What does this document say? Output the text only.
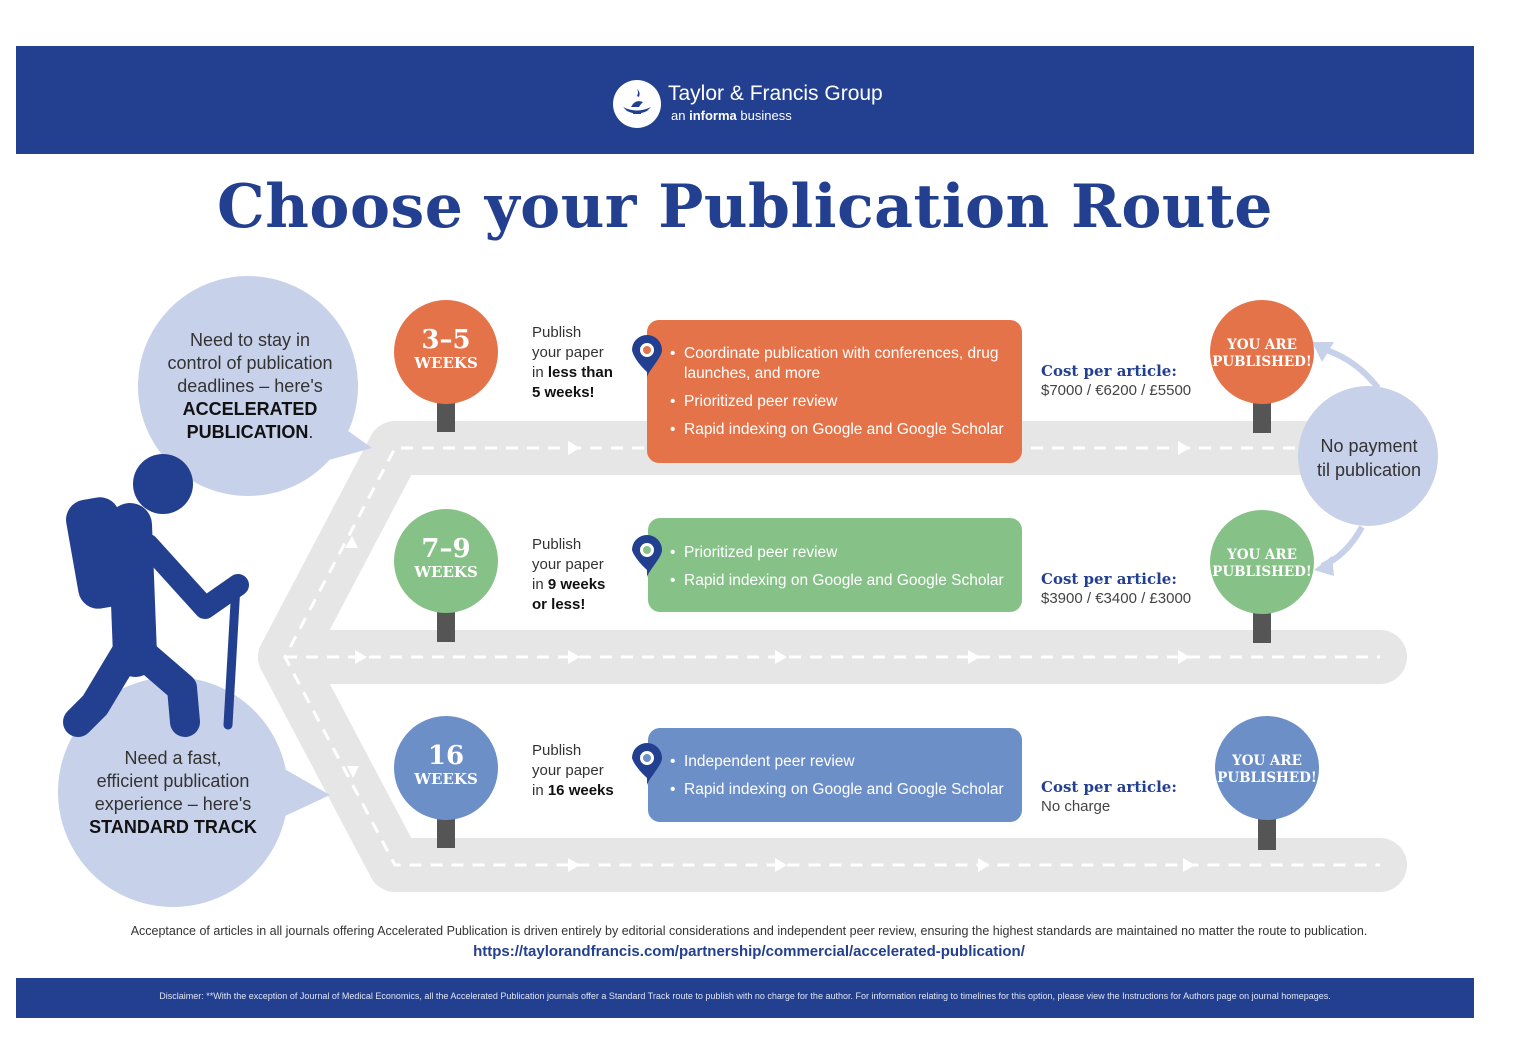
Taylor & Francis Group
an informa business
Choose your Publication Route
Need to stay in
control of publication
deadlines – here's
ACCELERATED
PUBLICATION.
Need a fast,
efficient publication
experience – here's
STANDARD TRACK
No payment
til publication
3–5
WEEKS
7–9
WEEKS
16
WEEKS
Publish
your paper
in less than
5 weeks!
Publish
your paper
in 9 weeks
or less!
Publish
your paper
in 16 weeks
• Coordinate publication with conferences, drug launches, and more
• Prioritized peer review
• Rapid indexing on Google and Google Scholar
• Prioritized peer review
• Rapid indexing on Google and Google Scholar
• Independent peer review
• Rapid indexing on Google and Google Scholar
Cost per article:
$7000 / €6200 / £5500
Cost per article:
$3900 / €3400 / £3000
Cost per article:
No charge
YOU ARE
PUBLISHED!
YOU ARE
PUBLISHED!
YOU ARE
PUBLISHED!
Acceptance of articles in all journals offering Accelerated Publication is driven entirely by editorial considerations and independent peer review, ensuring the highest standards are maintained no matter the route to publication.
https://taylorandfrancis.com/partnership/commercial/accelerated-publication/
Disclaimer: **With the exception of Journal of Medical Economics, all the Accelerated Publication journals offer a Standard Track route to publish with no charge for the author. For information relating to timelines for this option, please view the Instructions for Authors page on journal homepages.
